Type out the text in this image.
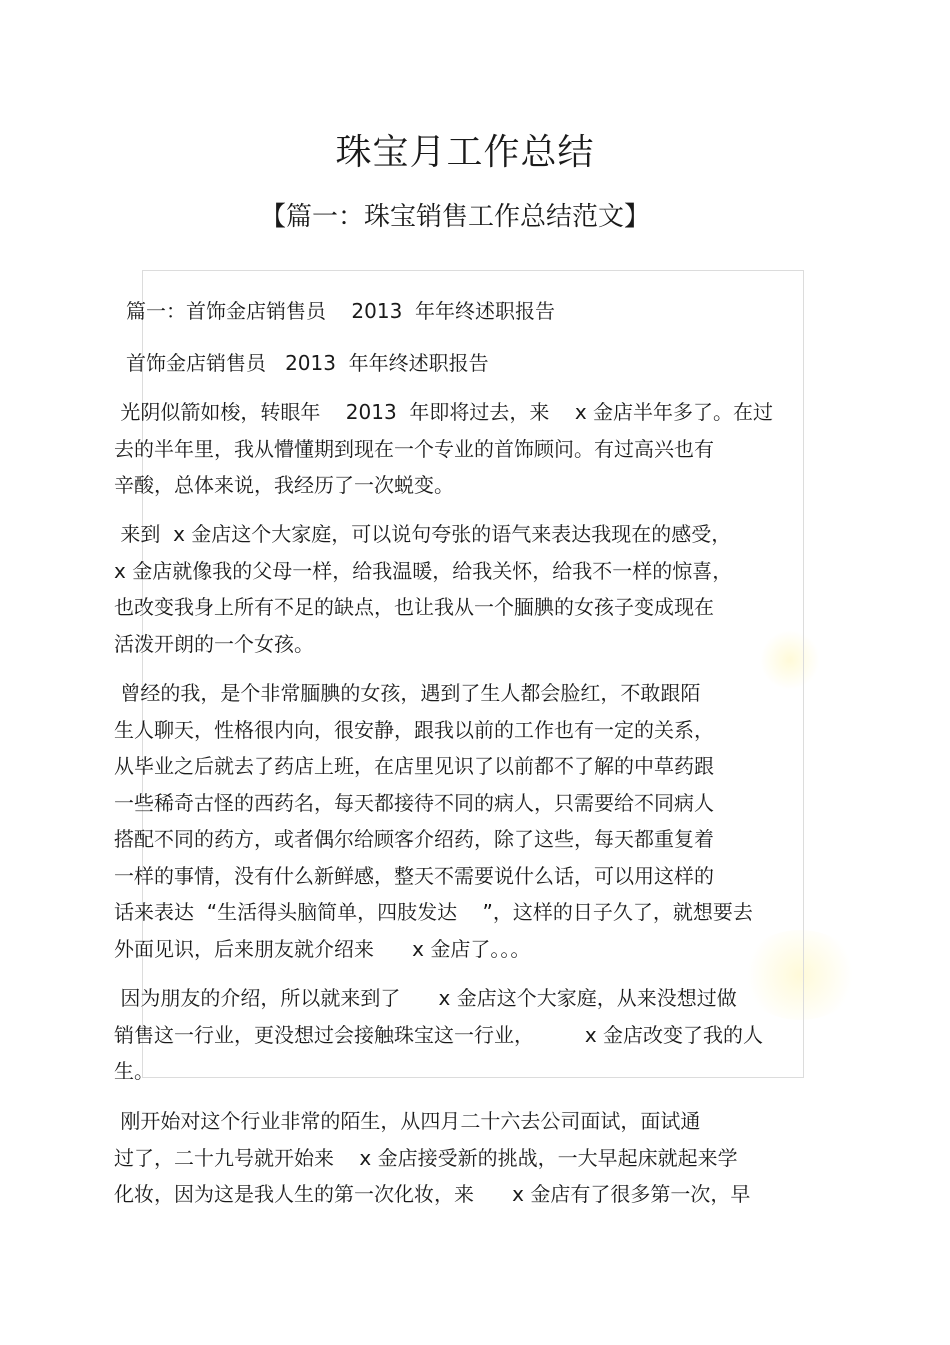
珠宝月工作总结
【篇一：珠宝销售工作总结范文】

篇一：首饰金店销售员    2013  年年终述职报告

首饰金店销售员   2013  年年终述职报告

光阴似箭如梭，转眼年    2013  年即将过去，来    x 金店半年多了。在过
去的半年里，我从懵懂期到现在一个专业的首饰顾问。有过高兴也有
辛酸，总体来说，我经历了一次蜕变。
来到  x 金店这个大家庭，可以说句夸张的语气来表达我现在的感受，
x 金店就像我的父母一样，给我温暖，给我关怀，给我不一样的惊喜，
也改变我身上所有不足的缺点，也让我从一个腼腆的女孩子变成现在
活泼开朗的一个女孩。
曾经的我，是个非常腼腆的女孩，遇到了生人都会脸红，不敢跟陌
生人聊天，性格很内向，很安静，跟我以前的工作也有一定的关系，
从毕业之后就去了药店上班，在店里见识了以前都不了解的中草药跟
一些稀奇古怪的西药名，每天都接待不同的病人，只需要给不同病人
搭配不同的药方，或者偶尔给顾客介绍药，除了这些，每天都重复着
一样的事情，没有什么新鲜感，整天不需要说什么话，可以用这样的
话来表达  “生活得头脑简单，四肢发达    ”，这样的日子久了，就想要去
外面见识，后来朋友就介绍来      x 金店了。。。
因为朋友的介绍，所以就来到了      x 金店这个大家庭，从来没想过做
销售这一行业，更没想过会接触珠宝这一行业，        x 金店改变了我的人
生。
刚开始对这个行业非常的陌生，从四月二十六去公司面试，面试通
过了，二十九号就开始来    x 金店接受新的挑战，一大早起床就起来学
化妆，因为这是我人生的第一次化妆，来      x 金店有了很多第一次，早
